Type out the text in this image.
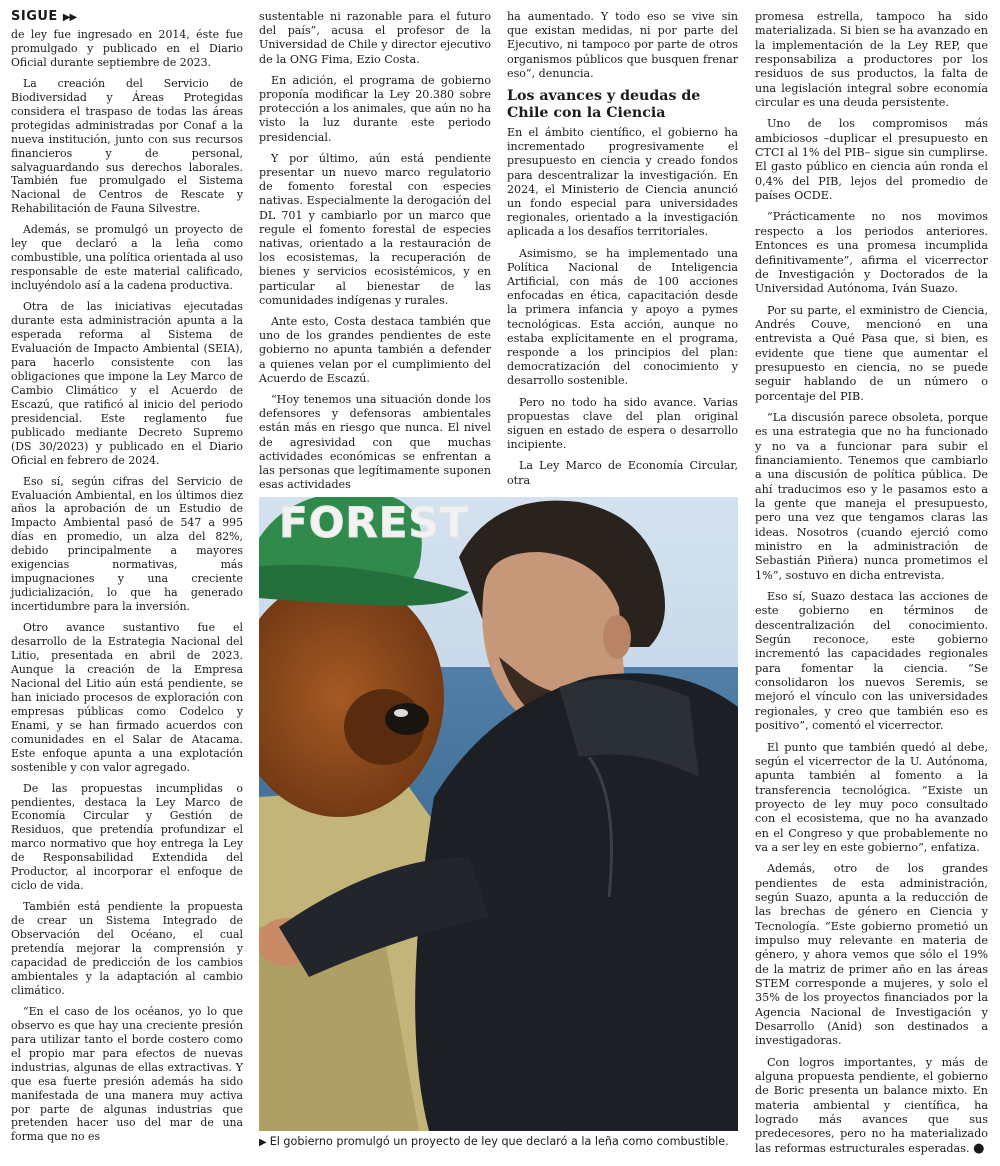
SIGUE ▶▶

de ley fue ingresado en 2014, éste fue promulgado y publicado en el Diario Oficial durante septiembre de 2023.

La creación del Servicio de Biodiversidad y Áreas Protegidas considera el traspaso de todas las áreas protegidas administradas por Conaf a la nueva institución, junto con sus recursos financieros y de personal, salvaguardando sus derechos laborales. También fue promulgado el Sistema Nacional de Centros de Rescate y Rehabilitación de Fauna Silvestre.

Además, se promulgó un proyecto de ley que declaró a la leña como combustible, una política orientada al uso responsable de este material calificado, incluyéndolo así a la cadena productiva.

Otra de las iniciativas ejecutadas durante esta administración apunta a la esperada reforma al Sistema de Evaluación de Impacto Ambiental (SEIA), para hacerlo consistente con las obligaciones que impone la Ley Marco de Cambio Climático y el Acuerdo de Escazú, que ratificó al inicio del periodo presidencial. Este reglamento fue publicado mediante Decreto Supremo (DS 30/2023) y publicado en el Diario Oficial en febrero de 2024.

Eso sí, según cifras del Servicio de Evaluación Ambiental, en los últimos diez años la aprobación de un Estudio de Impacto Ambiental pasó de 547 a 995 días en promedio, un alza del 82%, debido principalmente a mayores exigencias normativas, más impugnaciones y una creciente judicialización, lo que ha generado incertidumbre para la inversión.

Otro avance sustantivo fue el desarrollo de la Estrategia Nacional del Litio, presentada en abril de 2023. Aunque la creación de la Empresa Nacional del Litio aún está pendiente, se han iniciado procesos de exploración con empresas públicas como Codelco y Enami, y se han firmado acuerdos con comunidades en el Salar de Atacama. Este enfoque apunta a una explotación sostenible y con valor agregado.

De las propuestas incumplidas o pendientes, destaca la Ley Marco de Economía Circular y Gestión de Residuos, que pretendía profundizar el marco normativo que hoy entrega la Ley de Responsabilidad Extendida del Productor, al incorporar el enfoque de ciclo de vida.

También está pendiente la propuesta de crear un Sistema Integrado de Observación del Océano, el cual pretendía mejorar la comprensión y capacidad de predicción de los cambios ambientales y la adaptación al cambio climático.

“En el caso de los océanos, yo lo que observo es que hay una creciente presión para utilizar tanto el borde costero como el propio mar para efectos de nuevas industrias, algunas de ellas extractivas. Y que esa fuerte presión además ha sido manifestada de una manera muy activa por parte de algunas industrias que pretenden hacer uso del mar de una forma que no es

sustentable ni razonable para el futuro del país”, acusa el profesor de la Universidad de Chile y director ejecutivo de la ONG Fima, Ezio Costa.

En adición, el programa de gobierno proponía modificar la Ley 20.380 sobre protección a los animales, que aún no ha visto la luz durante este periodo presidencial.

Y por último, aún está pendiente presentar un nuevo marco regulatorio de fomento forestal con especies nativas. Especialmente la derogación del DL 701 y cambiarlo por un marco que regule el fomento forestal de especies nativas, orientado a la restauración de los ecosistemas, la recuperación de bienes y servicios ecosistémicos, y en particular al bienestar de las comunidades indígenas y rurales.

Ante esto, Costa destaca también que uno de los grandes pendientes de este gobierno no apunta también a defender a quienes velan por el cumplimiento del Acuerdo de Escazú.

“Hoy tenemos una situación donde los defensores y defensoras ambientales están más en riesgo que nunca. El nivel de agresividad con que muchas actividades económicas se enfrentan a las personas que legítimamente suponen esas actividades

ha aumentado. Y todo eso se vive sin que existan medidas, ni por parte del Ejecutivo, ni tampoco por parte de otros organismos públicos que busquen frenar eso”, denuncia.

Los avances y deudas de Chile con la Ciencia

En el ámbito científico, el gobierno ha incrementado progresivamente el presupuesto en ciencia y creado fondos para descentralizar la investigación. En 2024, el Ministerio de Ciencia anunció un fondo especial para universidades regionales, orientado a la investigación aplicada a los desafíos territoriales.

Asimismo, se ha implementado una Política Nacional de Inteligencia Artificial, con más de 100 acciones enfocadas en ética, capacitación desde la primera infancia y apoyo a pymes tecnológicas. Esta acción, aunque no estaba explícitamente en el programa, responde a los principios del plan: democratización del conocimiento y desarrollo sostenible.

Pero no todo ha sido avance. Varias propuestas clave del plan original siguen en estado de espera o desarrollo incipiente.

La Ley Marco de Economía Circular, otra

promesa estrella, tampoco ha sido materializada. Si bien se ha avanzado en la implementación de la Ley REP, que responsabiliza a productores por los residuos de sus productos, la falta de una legislación integral sobre economía circular es una deuda persistente.

Uno de los compromisos más ambiciosos –duplicar el presupuesto en CTCI al 1% del PIB– sigue sin cumplirse. El gasto público en ciencia aún ronda el 0,4% del PIB, lejos del promedio de países OCDE.

“Prácticamente no nos movimos respecto a los periodos anteriores. Entonces es una promesa incumplida definitivamente”, afirma el vicerrector de Investigación y Doctorados de la Universidad Autónoma, Iván Suazo.

Por su parte, el exministro de Ciencia, Andrés Couve, mencionó en una entrevista a Qué Pasa que, si bien, es evidente que tiene que aumentar el presupuesto en ciencia, no se puede seguir hablando de un número o porcentaje del PIB.

“La discusión parece obsoleta, porque es una estrategia que no ha funcionado y no va a funcionar para subir el financiamiento. Tenemos que cambiarlo a una discusión de política pública. De ahí traducimos eso y le pasamos esto a la gente que maneja el presupuesto, pero una vez que tengamos claras las ideas. Nosotros (cuando ejerció como ministro en la administración de Sebastián Piñera) nunca prometimos el 1%”, sostuvo en dicha entrevista.

Eso sí, Suazo destaca las acciones de este gobierno en términos de descentralización del conocimiento. Según reconoce, este gobierno incrementó las capacidades regionales para fomentar la ciencia. “Se consolidaron los nuevos Seremis, se mejoró el vínculo con las universidades regionales, y creo que también eso es positivo”, comentó el vicerrector.

El punto que también quedó al debe, según el vicerrector de la U. Autónoma, apunta también al fomento a la transferencia tecnológica. “Existe un proyecto de ley muy poco consultado con el ecosistema, que no ha avanzado en el Congreso y que probablemente no va a ser ley en este gobierno”, enfatiza.

Además, otro de los grandes pendientes de esta administración, según Suazo, apunta a la reducción de las brechas de género en Ciencia y Tecnología. “Este gobierno prometió un impulso muy relevante en materia de género, y ahora vemos que sólo el 19% de la matriz de primer año en las áreas STEM corresponde a mujeres, y solo el 35% de los proyectos financiados por la Agencia Nacional de Investigación y Desarrollo (Anid) son destinados a investigadoras.

Con logros importantes, y más de alguna propuesta pendiente, el gobierno de Boric presenta un balance mixto. En materia ambiental y científica, ha logrado más avances que sus predecesores, pero no ha materializado las reformas estructurales esperadas. ●

FOREST
▶ El gobierno promulgó un proyecto de ley que declaró a la leña como combustible.
